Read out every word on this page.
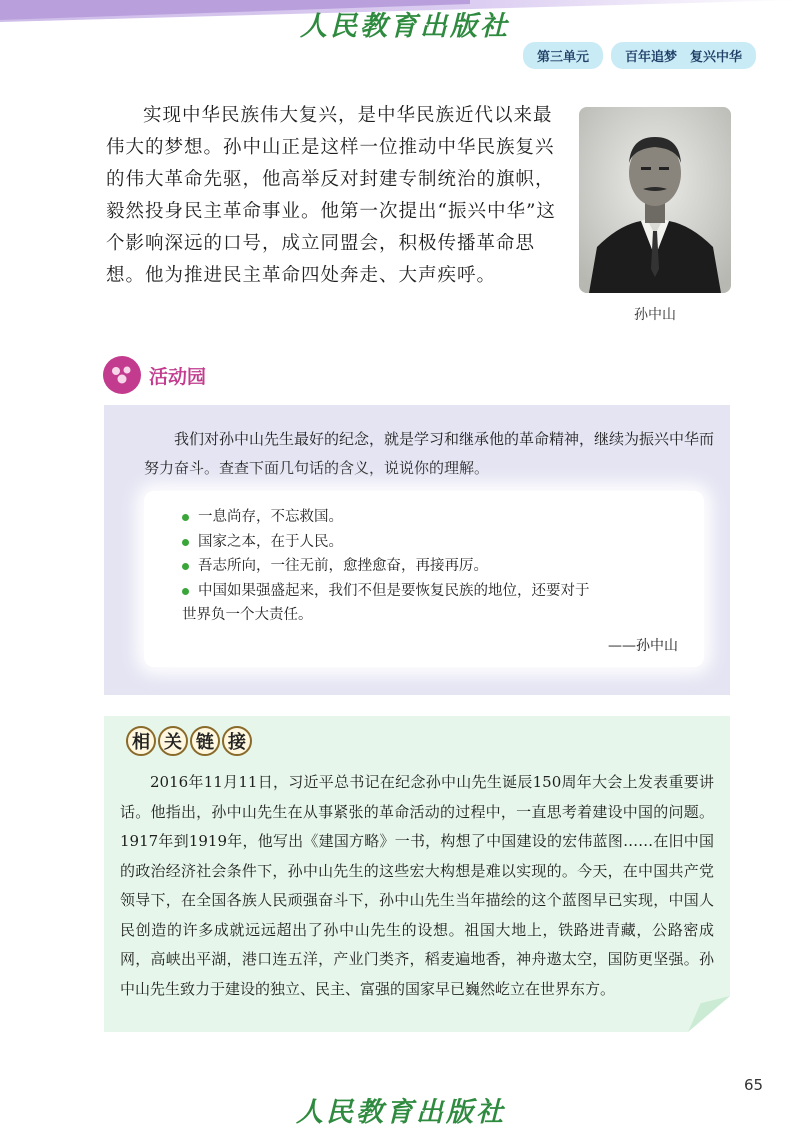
人民教育出版社
第三单元	百年追梦　复兴中华

实现中华民族伟大复兴，是中华民族近代以来最伟大的梦想。孙中山正是这样一位推动中华民族复兴的伟大革命先驱，他高举反对封建专制统治的旗帜，毅然投身民主革命事业。他第一次提出“振兴中华”这个影响深远的口号，成立同盟会，积极传播革命思想。他为推进民主革命四处奔走、大声疾呼。

孙中山
活动园

我们对孙中山先生最好的纪念，就是学习和继承他的革命精神，继续为振兴中华而努力奋斗。查查下面几句话的含义，说说你的理解。

一息尚存，不忘救国。
国家之本，在于人民。
吾志所向，一往无前，愈挫愈奋，再接再厉。
中国如果强盛起来，我们不但是要恢复民族的地位，还要对于
世界负一个大责任。
——孙中山
相 关 链 接

2016年11月11日，习近平总书记在纪念孙中山先生诞辰150周年大会上发表重要讲话。他指出，孙中山先生在从事紧张的革命活动的过程中，一直思考着建设中国的问题。1917年到1919年，他写出《建国方略》一书，构想了中国建设的宏伟蓝图……在旧中国的政治经济社会条件下，孙中山先生的这些宏大构想是难以实现的。今天，在中国共产党领导下，在全国各族人民顽强奋斗下，孙中山先生当年描绘的这个蓝图早已实现，中国人民创造的许多成就远远超出了孙中山先生的设想。祖国大地上，铁路进青藏，公路密成网，高峡出平湖，港口连五洋，产业门类齐，稻麦遍地香，神舟遨太空，国防更坚强。孙中山先生致力于建设的独立、民主、富强的国家早已巍然屹立在世界东方。

65
人民教育出版社
